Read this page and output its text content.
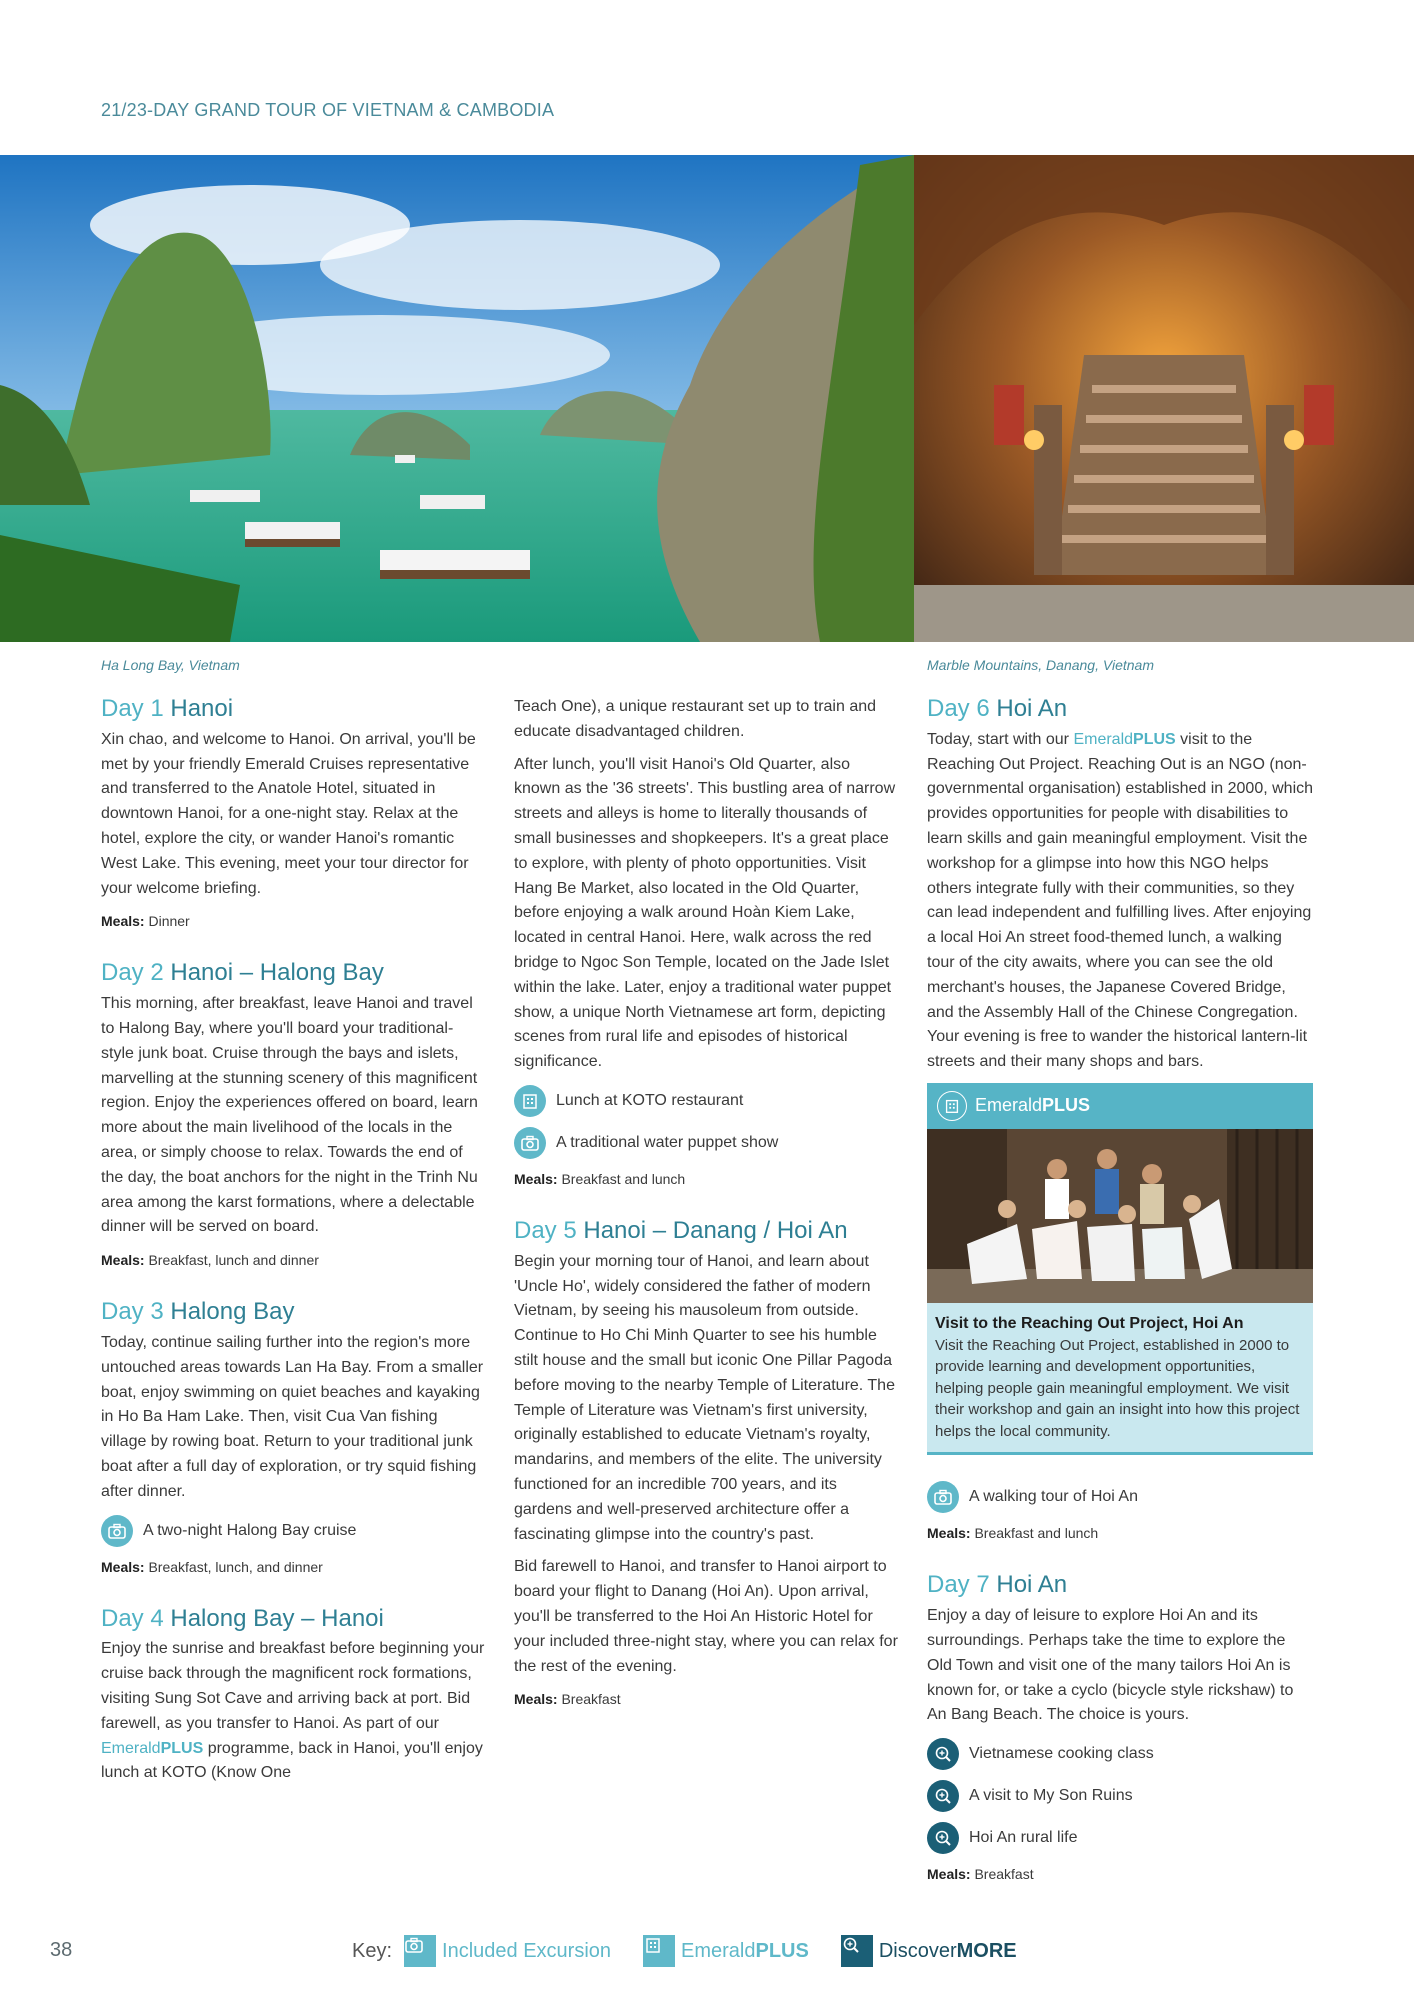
21/23-DAY GRAND TOUR OF VIETNAM & CAMBODIA
Ha Long Bay, Vietnam	Marble Mountains, Danang, Vietnam
Day 1 Hanoi

Xin chao, and welcome to Hanoi. On arrival, you'll be met by your friendly Emerald Cruises representative and transferred to the Anatole Hotel, situated in downtown Hanoi, for a one-night stay. Relax at the hotel, explore the city, or wander Hanoi's romantic West Lake. This evening, meet your tour director for your welcome briefing.

Meals: Dinner
Day 2 Hanoi – Halong Bay

This morning, after breakfast, leave Hanoi and travel to Halong Bay, where you'll board your traditional-style junk boat. Cruise through the bays and islets, marvelling at the stunning scenery of this magnificent region. Enjoy the experiences offered on board, learn more about the main livelihood of the locals in the area, or simply choose to relax. Towards the end of the day, the boat anchors for the night in the Trinh Nu area among the karst formations, where a delectable dinner will be served on board.

Meals: Breakfast, lunch and dinner
Day 3 Halong Bay

Today, continue sailing further into the region's more untouched areas towards Lan Ha Bay. From a smaller boat, enjoy swimming on quiet beaches and kayaking in Ho Ba Ham Lake. Then, visit Cua Van fishing village by rowing boat. Return to your traditional junk boat after a full day of exploration, or try squid fishing after dinner.

A two-night Halong Bay cruise
Meals: Breakfast, lunch, and dinner
Day 4 Halong Bay – Hanoi

Enjoy the sunrise and breakfast before beginning your cruise back through the magnificent rock formations, visiting Sung Sot Cave and arriving back at port. Bid farewell, as you transfer to Hanoi. As part of our EmeraldPLUS programme, back in Hanoi, you'll enjoy lunch at KOTO (Know One

Teach One), a unique restaurant set up to train and educate disadvantaged children.

After lunch, you'll visit Hanoi's Old Quarter, also known as the '36 streets'. This bustling area of narrow streets and alleys is home to literally thousands of small businesses and shopkeepers. It's a great place to explore, with plenty of photo opportunities. Visit Hang Be Market, also located in the Old Quarter, before enjoying a walk around Hoàn Kiem Lake, located in central Hanoi. Here, walk across the red bridge to Ngoc Son Temple, located on the Jade Islet within the lake. Later, enjoy a traditional water puppet show, a unique North Vietnamese art form, depicting scenes from rural life and episodes of historical significance.

Lunch at KOTO restaurant
A traditional water puppet show
Meals: Breakfast and lunch
Day 5 Hanoi – Danang / Hoi An

Begin your morning tour of Hanoi, and learn about 'Uncle Ho', widely considered the father of modern Vietnam, by seeing his mausoleum from outside. Continue to Ho Chi Minh Quarter to see his humble stilt house and the small but iconic One Pillar Pagoda before moving to the nearby Temple of Literature. The Temple of Literature was Vietnam's first university, originally established to educate Vietnam's royalty, mandarins, and members of the elite. The university functioned for an incredible 700 years, and its gardens and well-preserved architecture offer a fascinating glimpse into the country's past.

Bid farewell to Hanoi, and transfer to Hanoi airport to board your flight to Danang (Hoi An). Upon arrival, you'll be transferred to the Hoi An Historic Hotel for your included three-night stay, where you can relax for the rest of the evening.

Meals: Breakfast
Day 6 Hoi An

Today, start with our EmeraldPLUS visit to the Reaching Out Project. Reaching Out is an NGO (non-governmental organisation) established in 2000, which provides opportunities for people with disabilities to learn skills and gain meaningful employment. Visit the workshop for a glimpse into how this NGO helps others integrate fully with their communities, so they can lead independent and fulfilling lives. After enjoying a local Hoi An street food-themed lunch, a walking tour of the city awaits, where you can see the old merchant's houses, the Japanese Covered Bridge, and the Assembly Hall of the Chinese Congregation. Your evening is free to wander the historical lantern-lit streets and their many shops and bars.

EmeraldPLUS
Visit to the Reaching Out Project, Hoi An

Visit the Reaching Out Project, established in 2000 to provide learning and development opportunities, helping people gain meaningful employment. We visit their workshop and gain an insight into how this project helps the local community.

A walking tour of Hoi An
Meals: Breakfast and lunch
Day 7 Hoi An

Enjoy a day of leisure to explore Hoi An and its surroundings. Perhaps take the time to explore the Old Town and visit one of the many tailors Hoi An is known for, or take a cyclo (bicycle style rickshaw) to An Bang Beach. The choice is yours.

Vietnamese cooking class
A visit to My Son Ruins
Hoi An rural life
Meals: Breakfast
38	Key:	Included Excursion	EmeraldPLUS	DiscoverMORE
